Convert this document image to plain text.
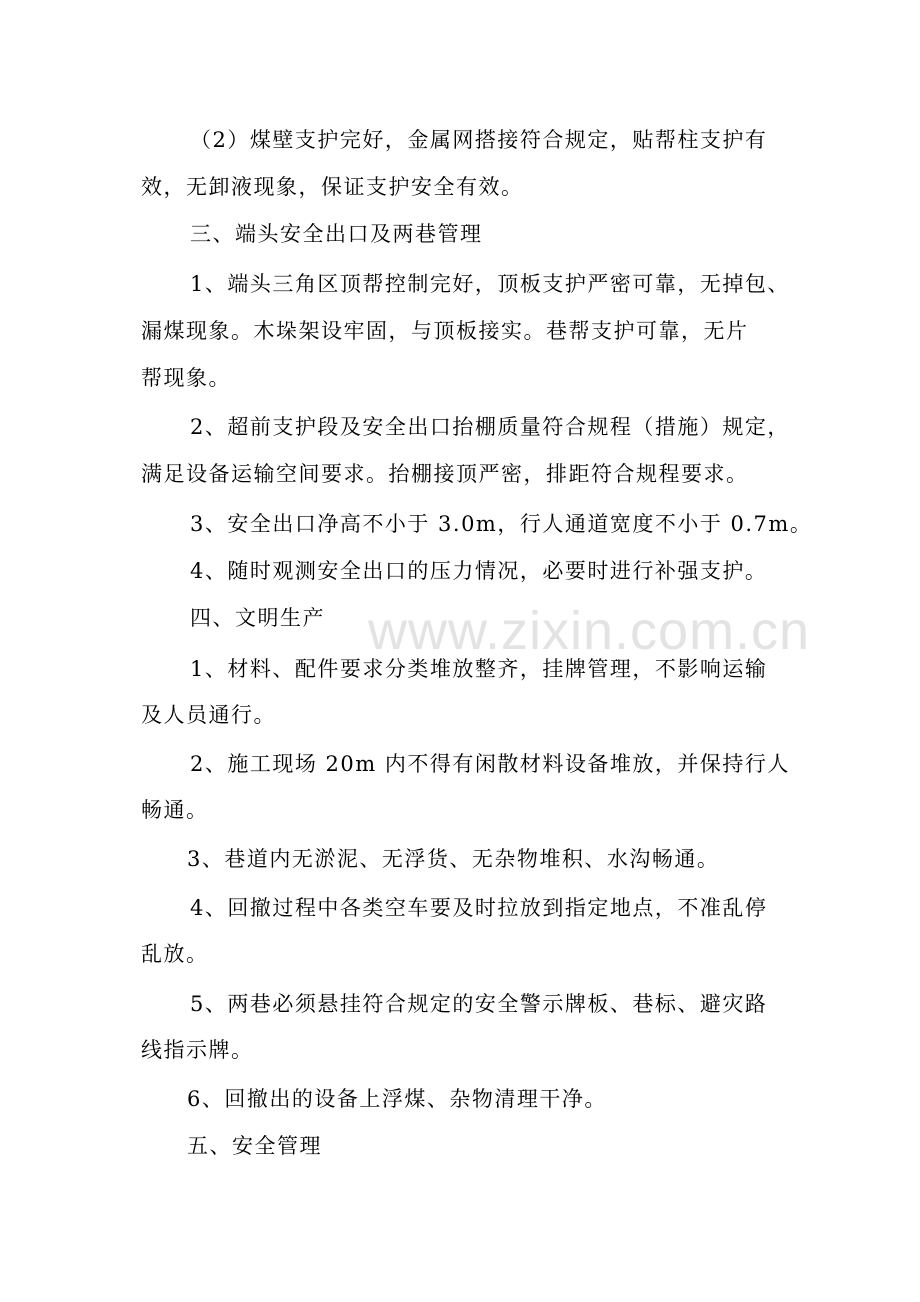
www.zixin.com.cn
（2）煤壁支护完好，金属网搭接符合规定，贴帮柱支护有
效，无卸液现象，保证支护安全有效。
三、端头安全出口及两巷管理
1、端头三角区顶帮控制完好，顶板支护严密可靠，无掉包、
漏煤现象。木垛架设牢固，与顶板接实。巷帮支护可靠，无片
帮现象。
2、超前支护段及安全出口抬棚质量符合规程（措施）规定，
满足设备运输空间要求。抬棚接顶严密，排距符合规程要求。
3、安全出口净高不小于 3.0m，行人通道宽度不小于 0.7m。
4、随时观测安全出口的压力情况，必要时进行补强支护。
四、文明生产
1、材料、配件要求分类堆放整齐，挂牌管理，不影响运输
及人员通行。
2、施工现场 20m 内不得有闲散材料设备堆放，并保持行人
畅通。
3、巷道内无淤泥、无浮货、无杂物堆积、水沟畅通。
4、回撤过程中各类空车要及时拉放到指定地点，不准乱停
乱放。
5、两巷必须悬挂符合规定的安全警示牌板、巷标、避灾路
线指示牌。
6、回撤出的设备上浮煤、杂物清理干净。
五、安全管理
